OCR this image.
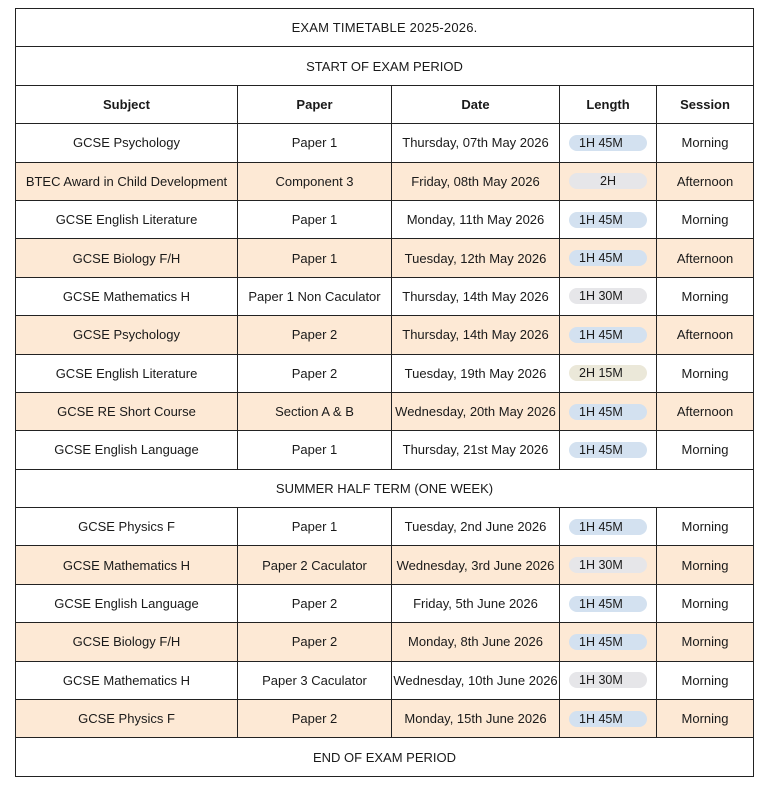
EXAM TIMETABLE 2025-2026.				
START OF EXAM PERIOD				
Subject	Paper	Date	Length	Session
GCSE Psychology	Paper 1	Thursday, 07th May 2026	1H 45M	Morning
BTEC Award in Child Development	Component 3	Friday, 08th May 2026	2H	Afternoon
GCSE English Literature	Paper 1	Monday, 11th May 2026	1H 45M	Morning
GCSE Biology F/H	Paper 1	Tuesday, 12th May 2026	1H 45M	Afternoon
GCSE Mathematics H	Paper 1 Non Caculator	Thursday, 14th May 2026	1H 30M	Morning
GCSE Psychology	Paper 2	Thursday, 14th May 2026	1H 45M	Afternoon
GCSE English Literature	Paper 2	Tuesday, 19th May 2026	2H 15M	Morning
GCSE RE Short Course	Section A & B	Wednesday, 20th May 2026	1H 45M	Afternoon
GCSE English Language	Paper 1	Thursday, 21st May 2026	1H 45M	Morning
SUMMER HALF TERM (ONE WEEK)				
GCSE Physics F	Paper 1	Tuesday, 2nd June 2026	1H 45M	Morning
GCSE Mathematics H	Paper 2 Caculator	Wednesday, 3rd June 2026	1H 30M	Morning
GCSE English Language	Paper 2	Friday, 5th June 2026	1H 45M	Morning
GCSE Biology F/H	Paper 2	Monday, 8th June 2026	1H 45M	Morning
GCSE Mathematics H	Paper 3 Caculator	Wednesday, 10th June 2026	1H 30M	Morning
GCSE Physics F	Paper 2	Monday, 15th June 2026	1H 45M	Morning
END OF EXAM PERIOD				
